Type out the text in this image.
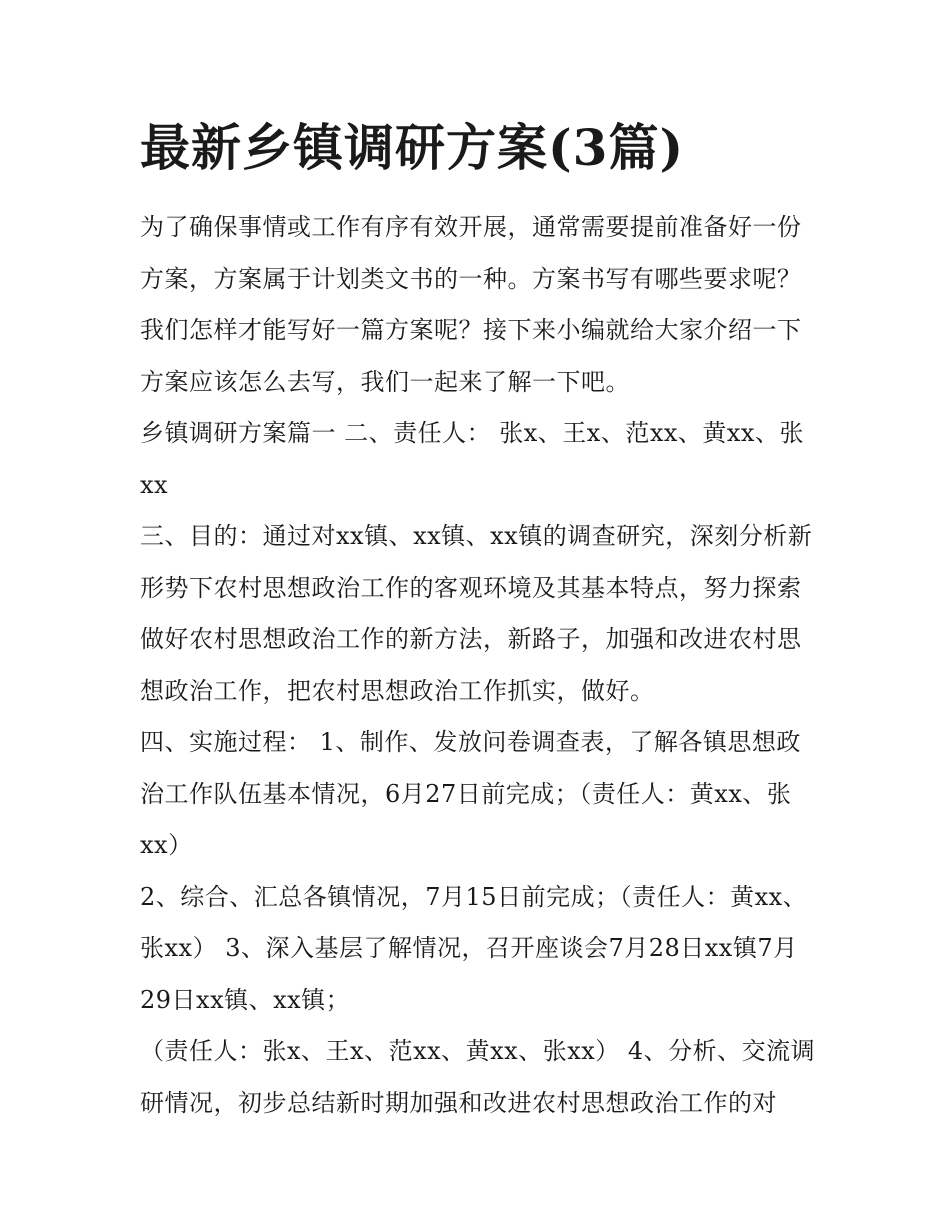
最新乡镇调研方案(3篇)

为了确保事情或工作有序有效开展，通常需要提前准备好一份方案，方案属于计划类文书的一种。方案书写有哪些要求呢？我们怎样才能写好一篇方案呢？接下来小编就给大家介绍一下方案应该怎么去写，我们一起来了解一下吧。

乡镇调研方案篇一 二、责任人： 张x、王x、范xx、黄xx、张xx

三、目的：通过对xx镇、xx镇、xx镇的调查研究，深刻分析新形势下农村思想政治工作的客观环境及其基本特点，努力探索做好农村思想政治工作的新方法，新路子，加强和改进农村思想政治工作，把农村思想政治工作抓实，做好。

四、实施过程： 1、制作、发放问卷调查表，了解各镇思想政治工作队伍基本情况，6月27日前完成；（责任人：黄xx、张xx）

2、综合、汇总各镇情况，7月15日前完成；（责任人：黄xx、张xx） 3、深入基层了解情况，召开座谈会7月28日xx镇7月29日xx镇、xx镇；

（责任人：张x、王x、范xx、黄xx、张xx） 4、分析、交流调研情况，初步总结新时期加强和改进农村思想政治工作的对
